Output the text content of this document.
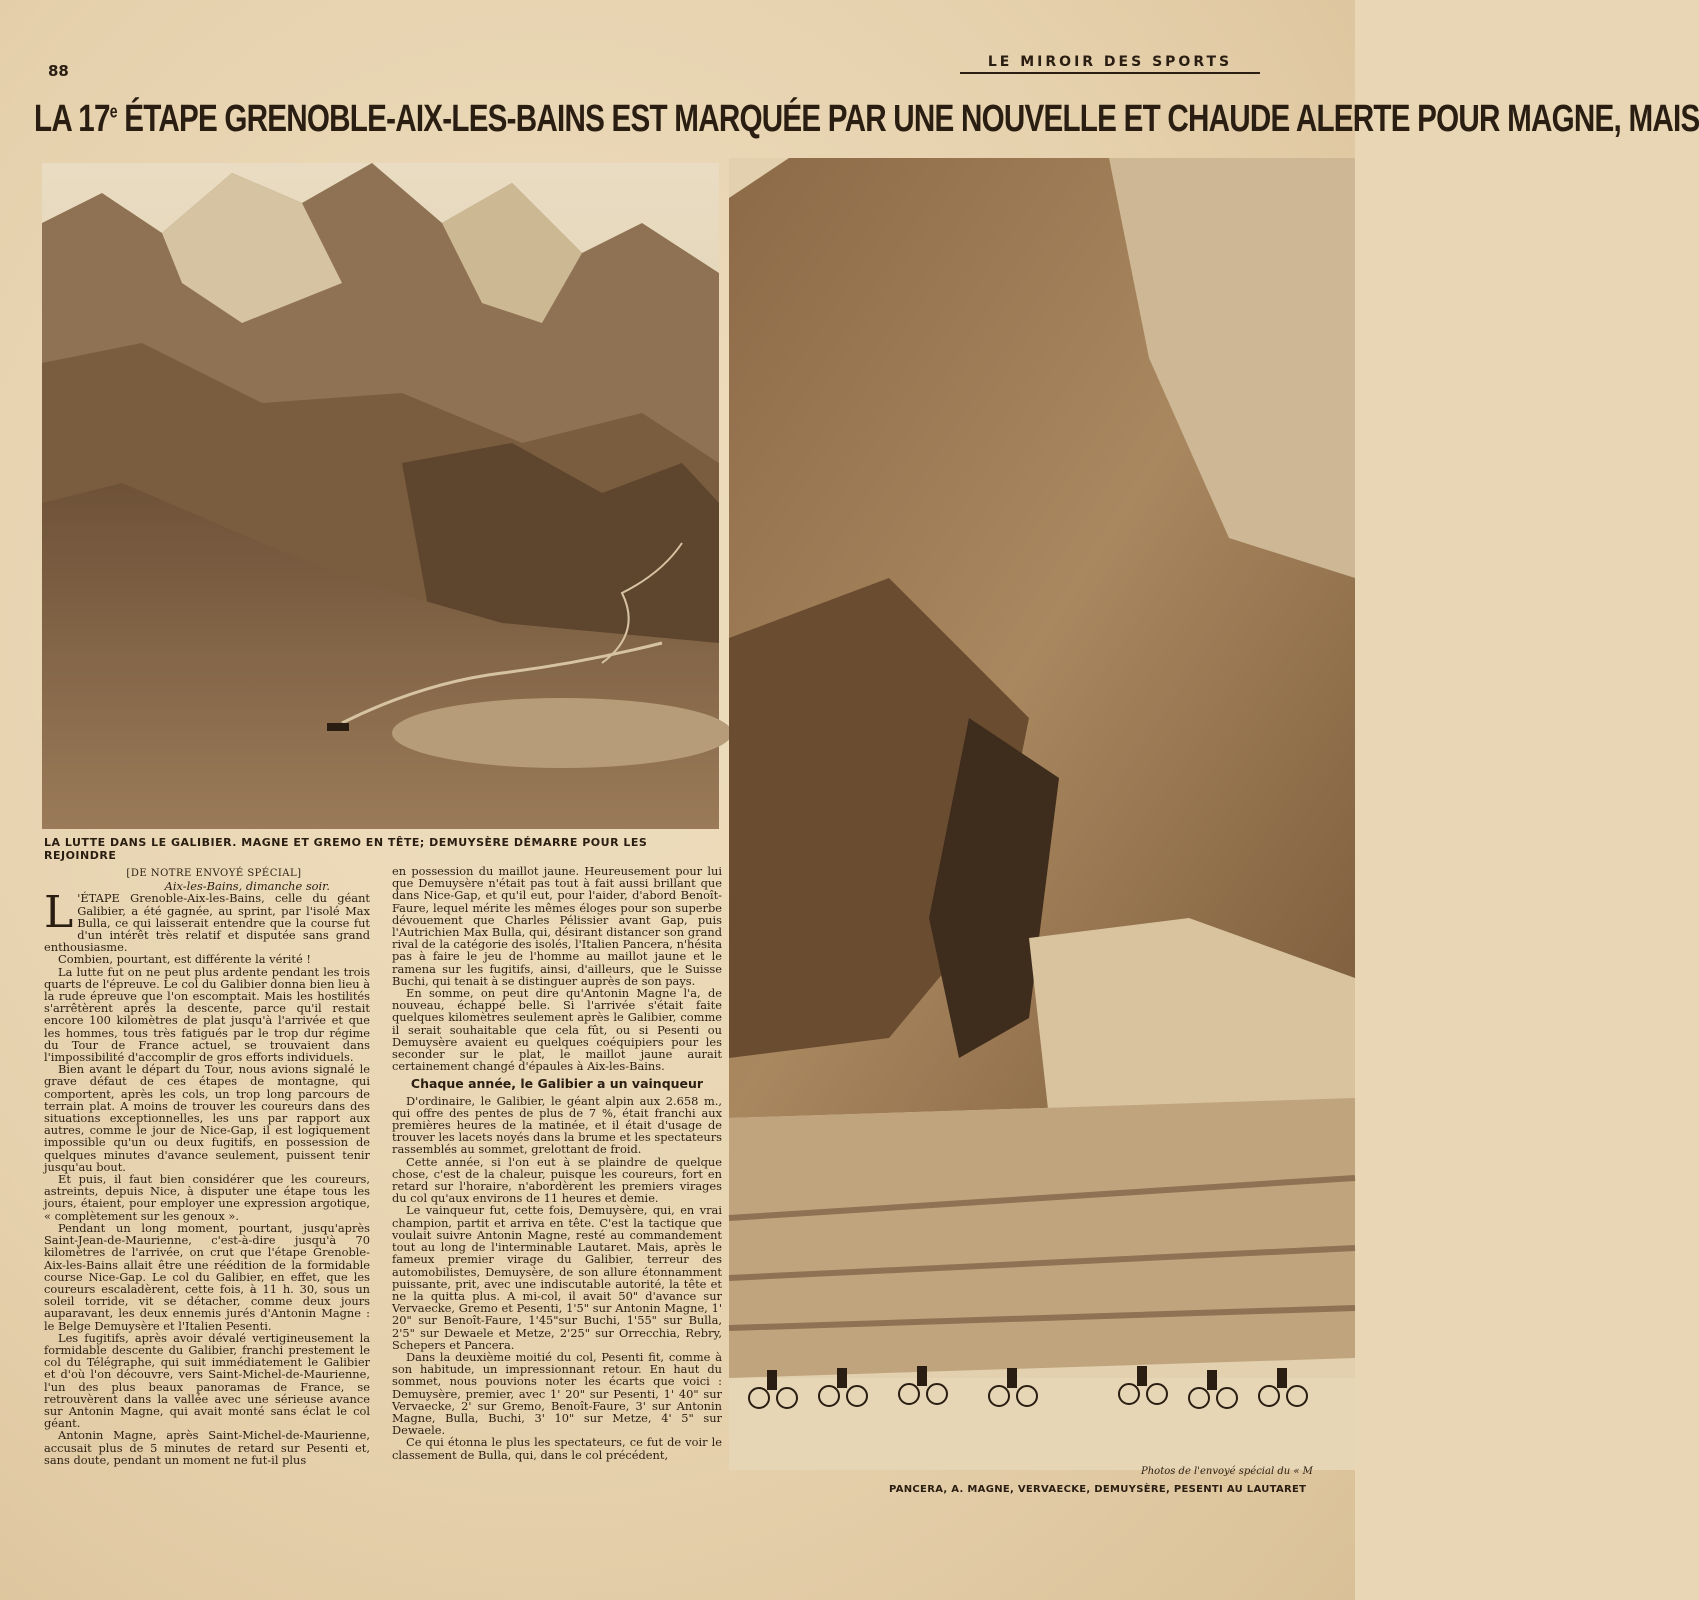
88	LE MIROIR DES SPORTS
LA 17e ÉTAPE GRENOBLE-AIX-LES-BAINS EST MARQUÉE PAR UNE NOUVELLE ET CHAUDE ALERTE POUR MAGNE, MAIS
LA LUTTE DANS LE GALIBIER. MAGNE ET GREMO EN TÊTE; DEMUYSÈRE DÉMARRE POUR LES REJOINDRE
Photos de l'envoyé spécial du « M
PANCERA, A. MAGNE, VERVAECKE, DEMUYSÈRE, PESENTI AU LAUTARET

[DE NOTRE ENVOYÉ SPÉCIAL]

Aix-les-Bains, dimanche soir.

L 'ÉTAPE Grenoble-Aix-les-Bains, celle du géant Galibier, a été gagnée, au sprint, par l'isolé Max Bulla, ce qui laisserait entendre que la course fut d'un intérêt très relatif et disputée sans grand enthousiasme.

Combien, pourtant, est différente la vérité !

La lutte fut on ne peut plus ardente pendant les trois quarts de l'épreuve. Le col du Galibier donna bien lieu à la rude épreuve que l'on escomptait. Mais les hostilités s'arrêtèrent après la descente, parce qu'il restait encore 100 kilomètres de plat jusqu'à l'arrivée et que les hommes, tous très fatigués par le trop dur régime du Tour de France actuel, se trouvaient dans l'impossibilité d'accomplir de gros efforts individuels.

Bien avant le départ du Tour, nous avions signalé le grave défaut de ces étapes de montagne, qui comportent, après les cols, un trop long parcours de terrain plat. A moins de trouver les coureurs dans des situations exceptionnelles, les uns par rapport aux autres, comme le jour de Nice-Gap, il est logiquement impossible qu'un ou deux fugitifs, en possession de quelques minutes d'avance seulement, puissent tenir jusqu'au bout.

Et puis, il faut bien considérer que les coureurs, astreints, depuis Nice, à disputer une étape tous les jours, étaient, pour employer une expression argotique, « complètement sur les genoux ».

Pendant un long moment, pourtant, jusqu'après Saint-Jean-de-Maurienne, c'est-à-dire jusqu'à 70 kilomètres de l'arrivée, on crut que l'étape Grenoble-Aix-les-Bains allait être une réédition de la formidable course Nice-Gap. Le col du Galibier, en effet, que les coureurs escaladèrent, cette fois, à 11 h. 30, sous un soleil torride, vit se détacher, comme deux jours auparavant, les deux ennemis jurés d'Antonin Magne : le Belge Demuysère et l'Italien Pesenti.

Les fugitifs, après avoir dévalé vertigineusement la formidable descente du Galibier, franchi prestement le col du Télégraphe, qui suit immédiatement le Galibier et d'où l'on découvre, vers Saint-Michel-de-Maurienne, l'un des plus beaux panoramas de France, se retrouvèrent dans la vallée avec une sérieuse avance sur Antonin Magne, qui avait monté sans éclat le col géant.

Antonin Magne, après Saint-Michel-de-Maurienne, accusait plus de 5 minutes de retard sur Pesenti et, sans doute, pendant un moment ne fut-il plus

en possession du maillot jaune. Heureusement pour lui que Demuysère n'était pas tout à fait aussi brillant que dans Nice-Gap, et qu'il eut, pour l'aider, d'abord Benoît-Faure, lequel mérite les mêmes éloges pour son superbe dévouement que Charles Pélissier avant Gap, puis l'Autrichien Max Bulla, qui, désirant distancer son grand rival de la catégorie des isolés, l'Italien Pancera, n'hésita pas à faire le jeu de l'homme au maillot jaune et le ramena sur les fugitifs, ainsi, d'ailleurs, que le Suisse Buchi, qui tenait à se distinguer auprès de son pays.

En somme, on peut dire qu'Antonin Magne l'a, de nouveau, échappé belle. Si l'arrivée s'était faite quelques kilomètres seulement après le Galibier, comme il serait souhaitable que cela fût, ou si Pesenti ou Demuysère avaient eu quelques coéquipiers pour les seconder sur le plat, le maillot jaune aurait certainement changé d'épaules à Aix-les-Bains.

Chaque année, le Galibier a un vainqueur

D'ordinaire, le Galibier, le géant alpin aux 2.658 m., qui offre des pentes de plus de 7 %, était franchi aux premières heures de la matinée, et il était d'usage de trouver les lacets noyés dans la brume et les spectateurs rassemblés au sommet, grelottant de froid.

Cette année, si l'on eut à se plaindre de quelque chose, c'est de la chaleur, puisque les coureurs, fort en retard sur l'horaire, n'abordèrent les premiers virages du col qu'aux environs de 11 heures et demie.

Le vainqueur fut, cette fois, Demuysère, qui, en vrai champion, partit et arriva en tête. C'est la tactique que voulait suivre Antonin Magne, resté au commandement tout au long de l'interminable Lautaret. Mais, après le fameux premier virage du Galibier, terreur des automobilistes, Demuysère, de son allure étonnamment puissante, prit, avec une indiscutable autorité, la tête et ne la quitta plus. A mi-col, il avait 50" d'avance sur Vervaecke, Gremo et Pesenti, 1'5" sur Antonin Magne, 1' 20" sur Benoît-Faure, 1'45"sur Buchi, 1'55" sur Bulla, 2'5" sur Dewaele et Metze, 2'25" sur Orrecchia, Rebry, Schepers et Pancera.

Dans la deuxième moitié du col, Pesenti fit, comme à son habitude, un impressionnant retour. En haut du sommet, nous pouvions noter les écarts que voici : Demuysère, premier, avec 1' 20" sur Pesenti, 1' 40" sur Vervaecke, 2' sur Gremo, Benoît-Faure, 3' sur Antonin Magne, Bulla, Buchi, 3' 10" sur Metze, 4' 5" sur Dewaele.

Ce qui étonna le plus les spectateurs, ce fut de voir le classement de Bulla, qui, dans le col précédent,
